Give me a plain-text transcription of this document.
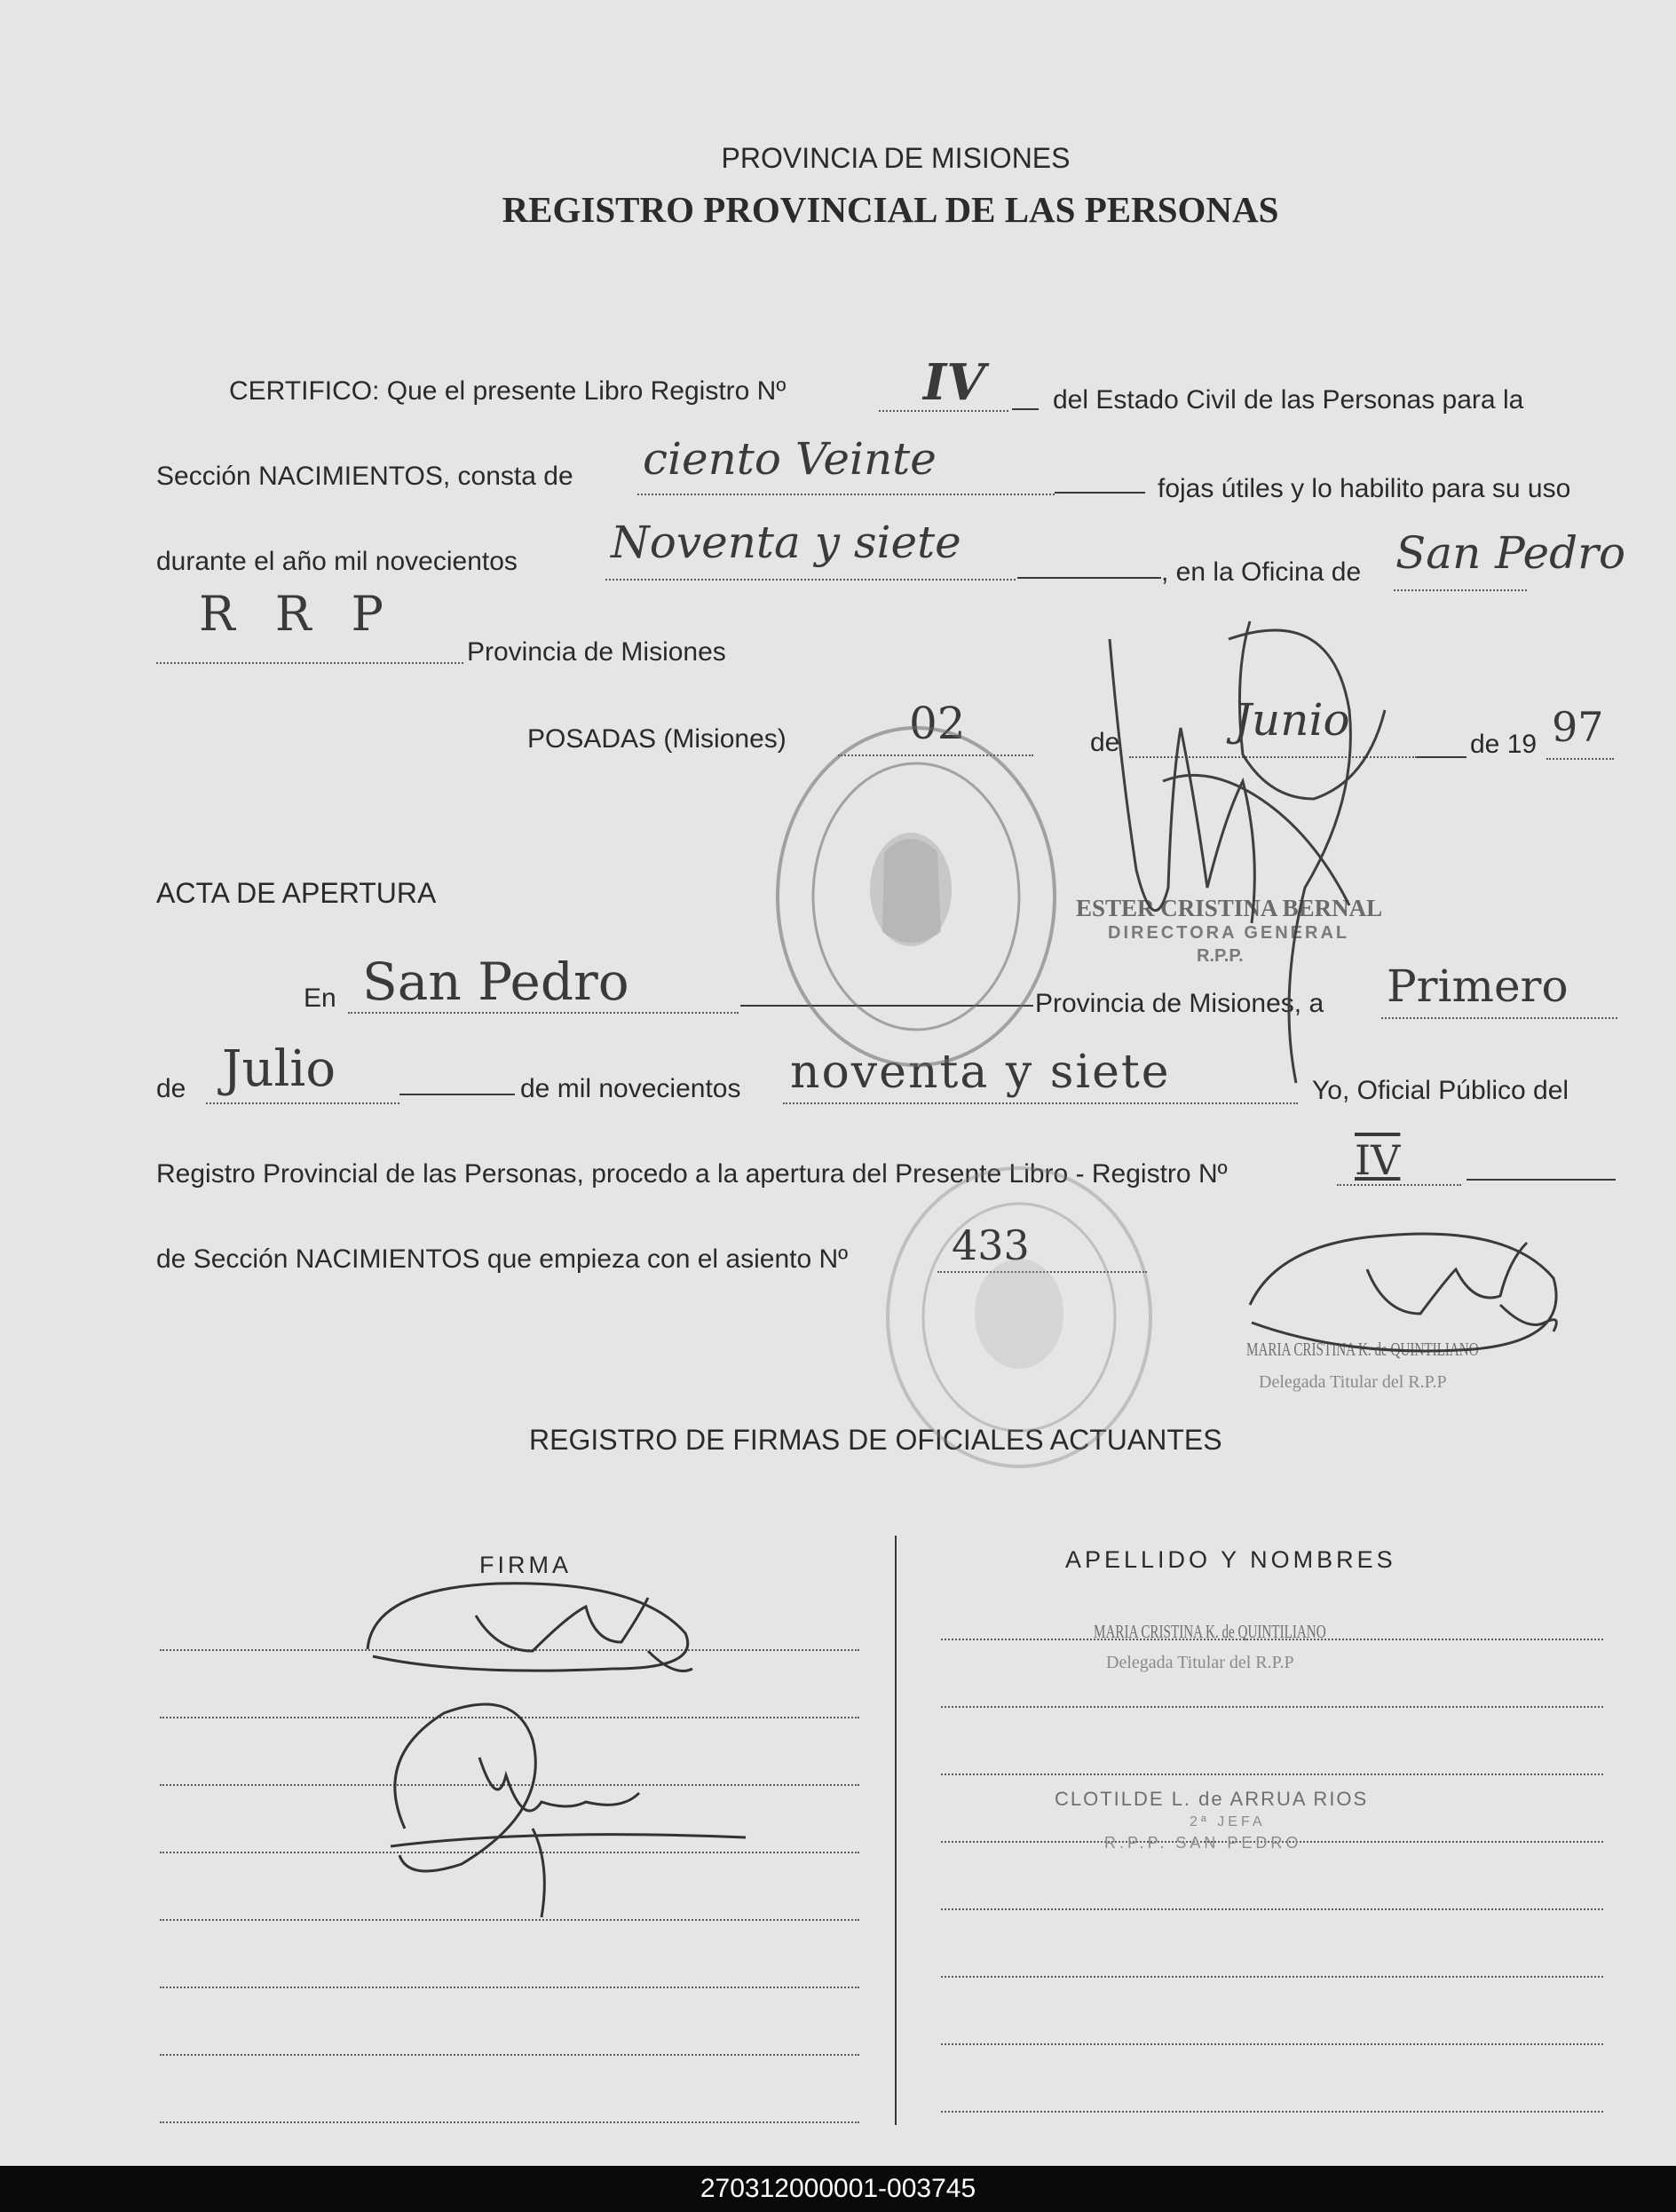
PROVINCIA DE MISIONES
REGISTRO PROVINCIAL DE LAS PERSONAS
CERTIFICO: Que el presente Libro Registro Nº	IV	del Estado Civil de las Personas para la
Sección NACIMIENTOS, consta de ciento Veinte
fojas útiles y lo habilito para su uso
durante el año mil novecientos Noventa y siete
, en la Oficina de San Pedro
R R P
Provincia de Misiones
POSADAS (Misiones)	02	de	Junio	de 19 97
ESTER CRISTINA BERNAL
DIRECTORA GENERAL
R.P.P.
ACTA DE APERTURA
En San Pedro	Provincia de Misiones, a Primero
de Julio	de mil novecientos noventa y siete	Yo, Oficial Público del
Registro Provincial de las Personas, procedo a la apertura del Presente Libro - Registro Nº	IV
de Sección NACIMIENTOS que empieza con el asiento Nº	433
MARIA CRISTINA K. de QUINTILIANO
Delegada Titular del R.P.P
REGISTRO DE FIRMAS DE OFICIALES ACTUANTES
FIRMA	APELLIDO Y NOMBRES
MARIA CRISTINA K. de QUINTILIANO
Delegada Titular del R.P.P
CLOTILDE L. de ARRUA RIOS
2ª JEFA
R.P.P. SAN PEDRO
270312000001-003745
